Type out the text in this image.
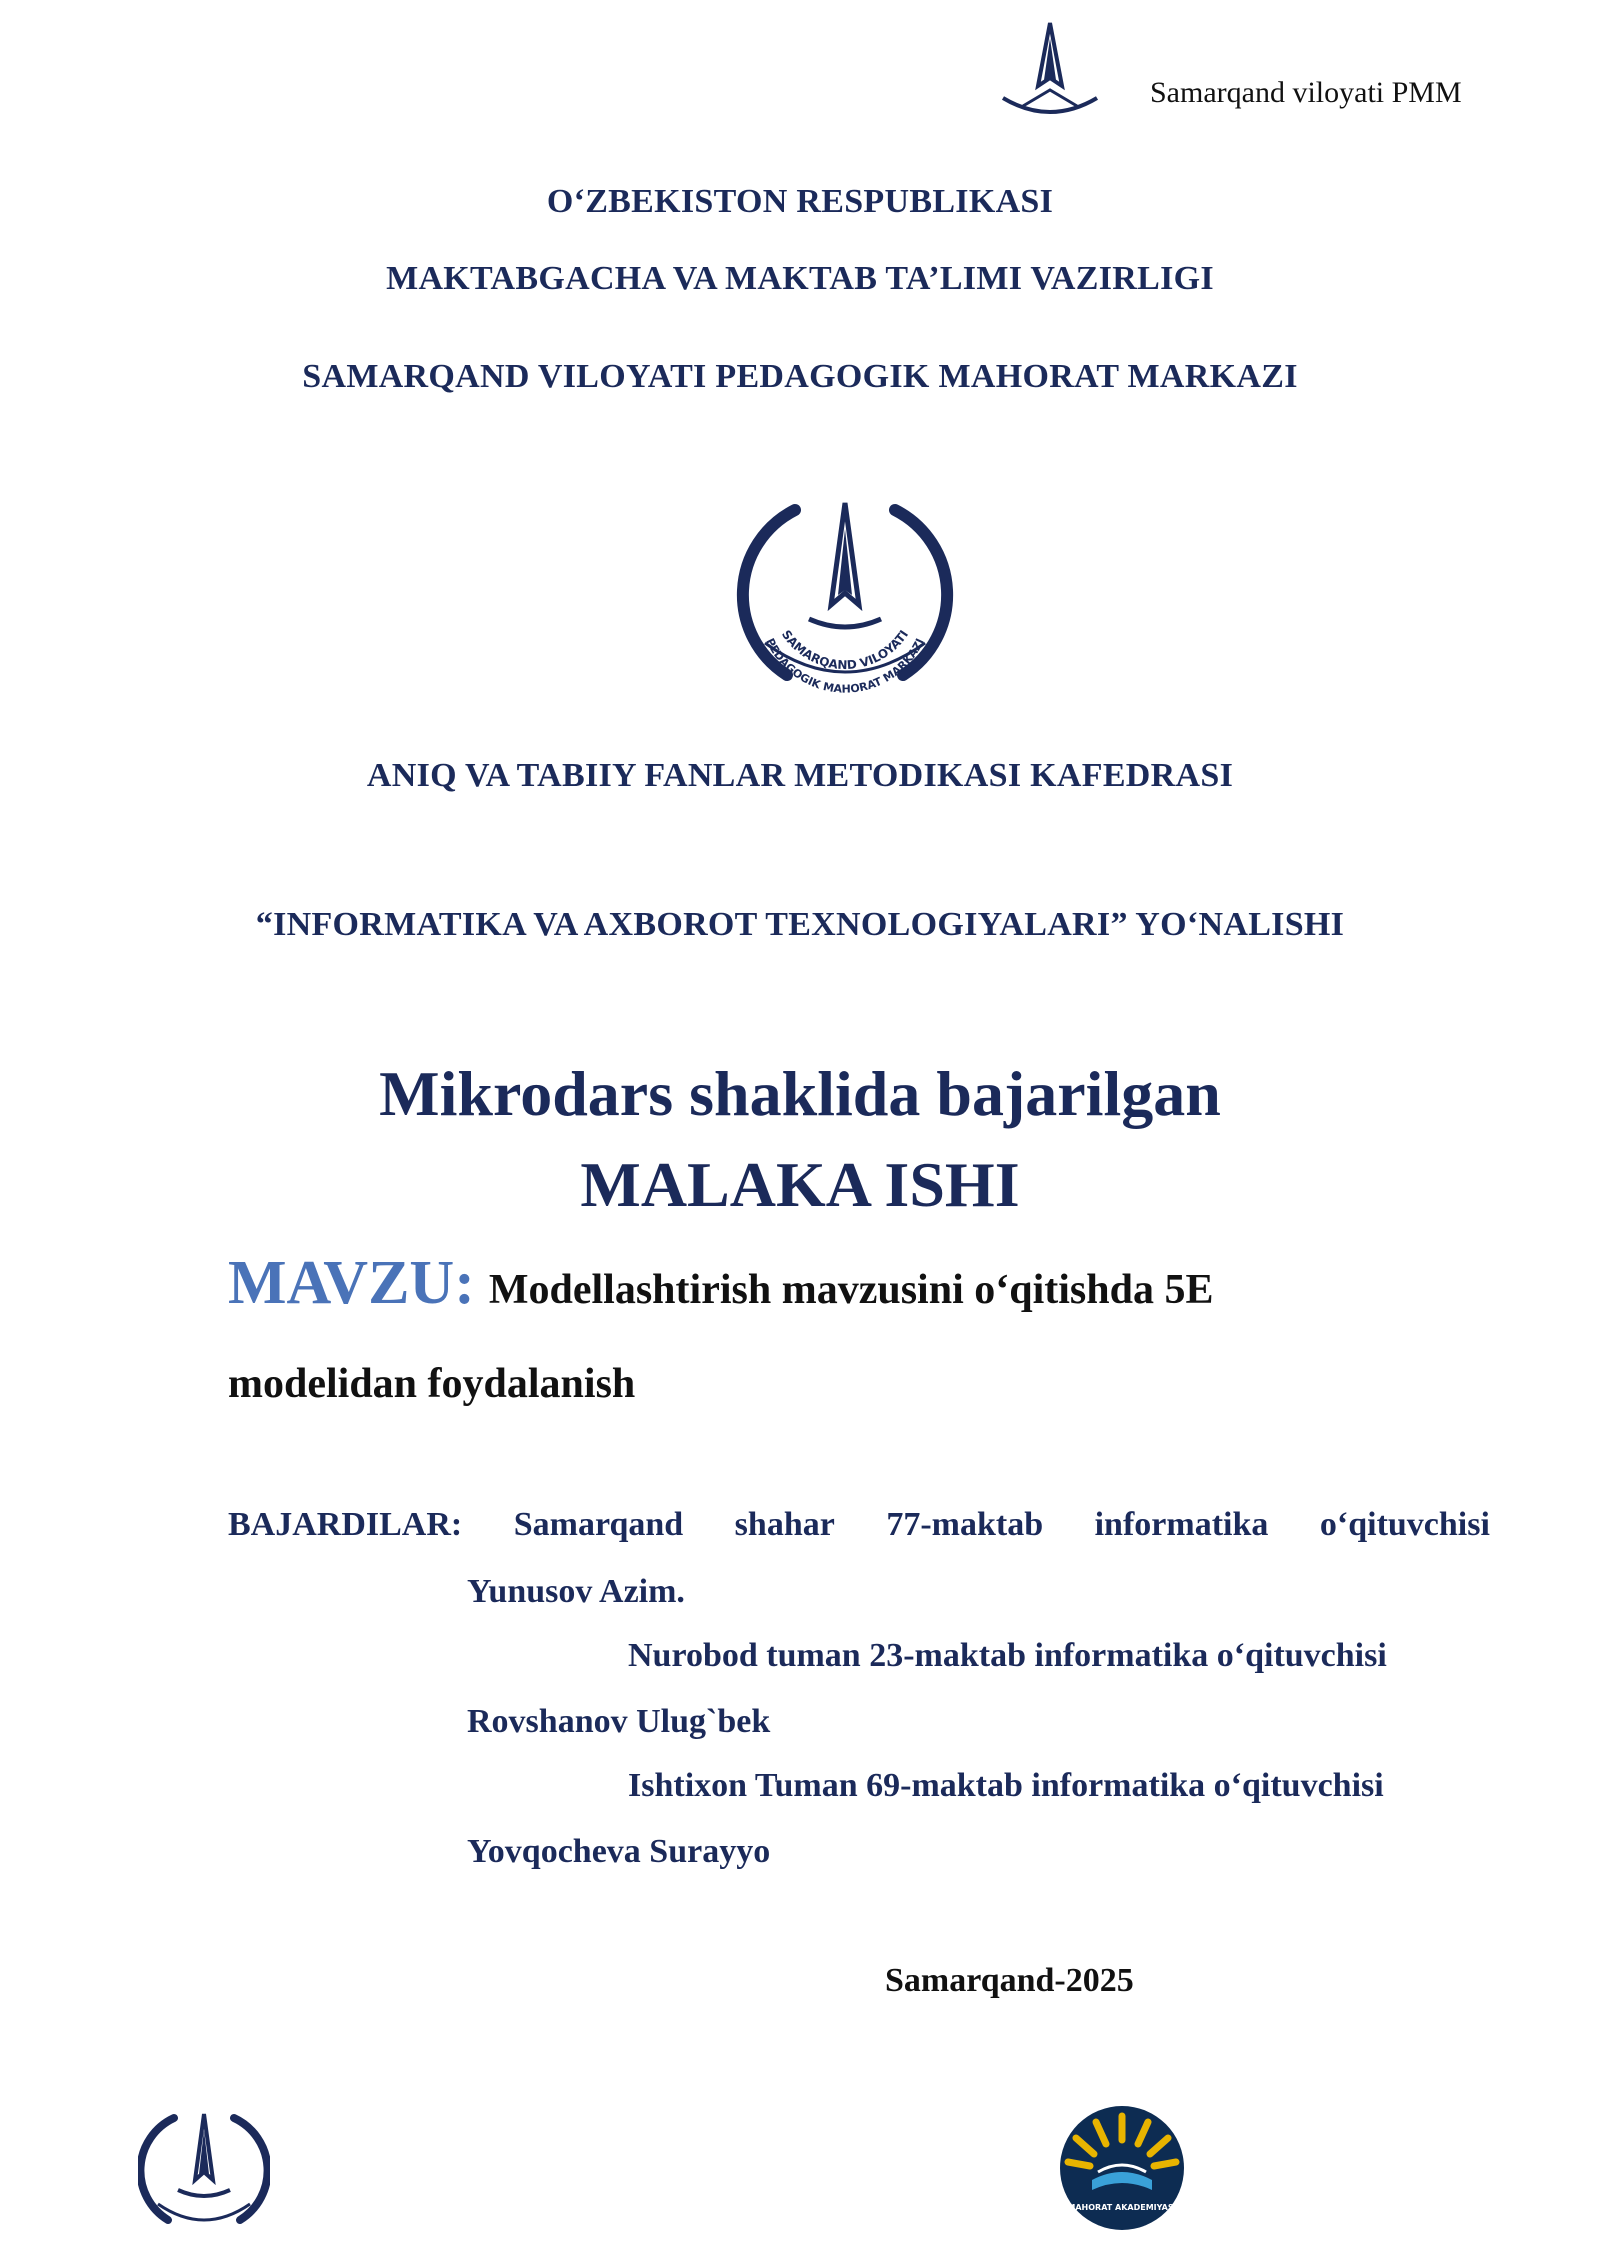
Samarqand viloyati PMM
O‘ZBEKISTON RESPUBLIKASI
MAKTABGACHA VA MAKTAB TA’LIMI VAZIRLIGI
SAMARQAND VILOYATI PEDAGOGIK MAHORAT MARKAZI
SAMARQAND VILOYATI
PEDAGOGIK MAHORAT MARKAZI
ANIQ VA TABIIY FANLAR METODIKASI KAFEDRASI
“INFORMATIKA VA AXBOROT TEXNOLOGIYALARI” YO‘NALISHI
Mikrodars shaklida bajarilgan
MALAKA ISHI
MAVZU: Modellashtirish mavzusini o‘qitishda 5E
modelidan foydalanish
BAJARDILAR: Samarqand shahar 77-maktab informatika o‘qituvchisi
Yunusov Azim.
Nurobod tuman 23-maktab informatika o‘qituvchisi
Rovshanov Ulug`bek
Ishtixon Tuman 69-maktab informatika o‘qituvchisi
Yovqocheva Surayyo
Samarqand-2025
MAHORAT AKADEMIYASI
